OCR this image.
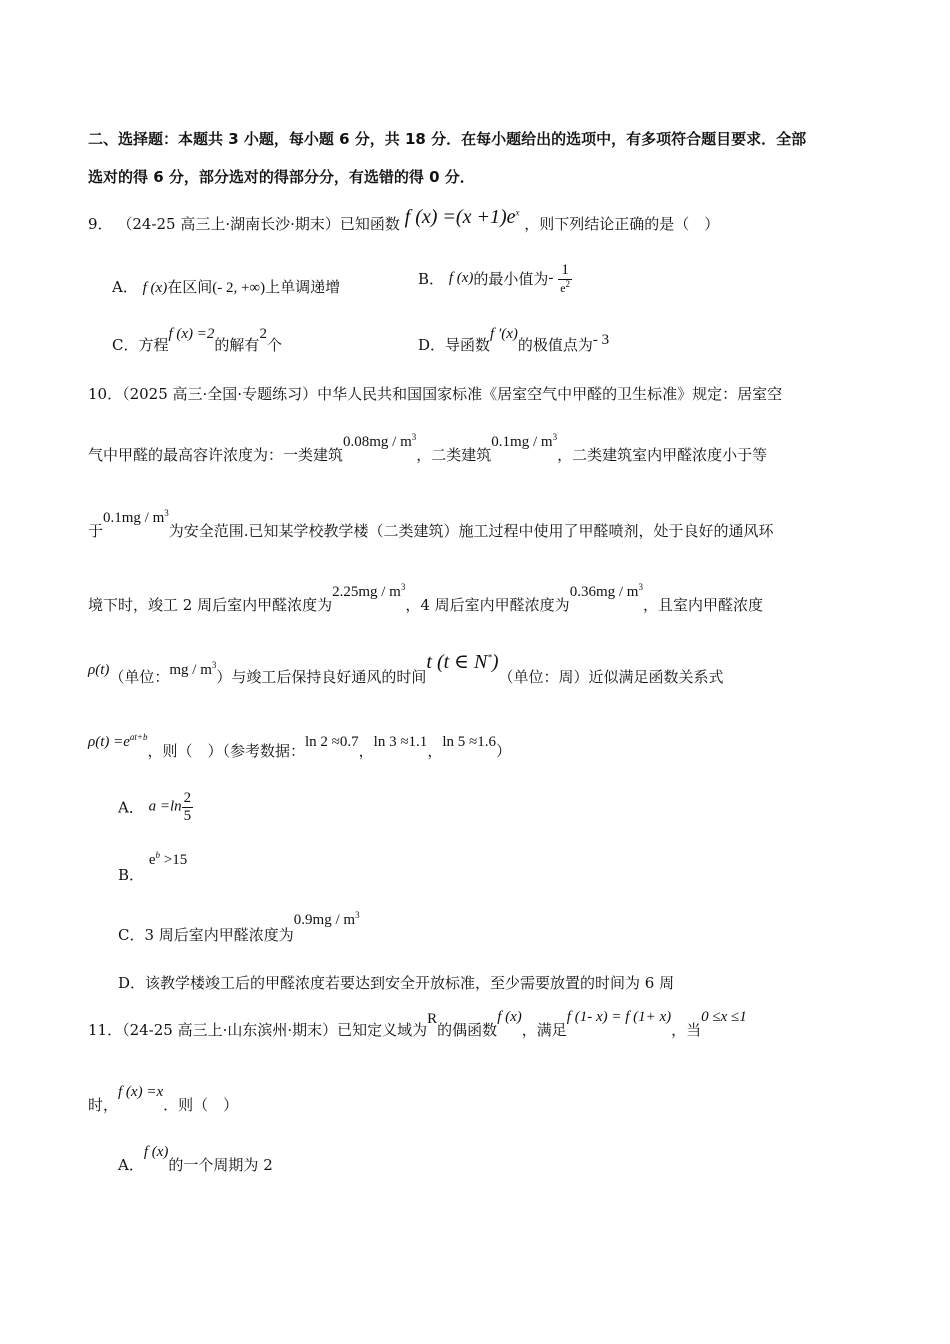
二、选择题：本题共 3 小题，每小题 6 分，共 18 分．在每小题给出的选项中，有多项符合题目要求．全部
选对的得 6 分，部分选对的得部分分，有选错的得 0 分．
9． （24-25 高三上·湖南长沙·期末）已知函数 f $(x) =(x +1)e^x$ ，则下列结论正确的是（　）
A． f (x)在区间(- 2, +∞)上单调递增	B． f (x)的最小值为- $\frac{1}{e^2}$
C．方程f (x) =2的解有2个	D．导函数f ′(x)的极值点为- 3
10．（2025 高三·全国·专题练习）中华人民共和国国家标准《居室空气中甲醛的卫生标准》规定：居室空
气中甲醛的最高容许浓度为：一类建筑$0.08mg / m^3$，二类建筑$0.1mg / m^3$，二类建筑室内甲醛浓度小于等
于$0.1mg / m^3$为安全范围.已知某学校教学楼（二类建筑）施工过程中使用了甲醛喷剂，处于良好的通风环
境下时，竣工 2 周后室内甲醛浓度为$2.25mg / m^3$，4 周后室内甲醛浓度为$0.36mg / m^3$，且室内甲醛浓度
ρ(t)（单位：mg / $m^3$）与竣工后保持良好通风的时间t (t ∈ N*)（单位：周）近似满足函数关系式
$\rho(t) =e^{at+b}$，则（　）（参考数据：ln 2 ≈0.7，ln 3 ≈1.1，ln 5 ≈1.6）
A． $a =\ln \frac{2}{5}$
B． $e^b >15$
C．3 周后室内甲醛浓度为$0.9mg / m^3$
D．该教学楼竣工后的甲醛浓度若要达到安全开放标准，至少需要放置的时间为 6 周
11．（24-25 高三上·山东滨州·期末）已知定义域为R的偶函数f (x)，满足f (1- x) = f (1+ x)，当0 ≤x ≤1
时，f (x) =x．则（　）
A．f (x)的一个周期为 2
